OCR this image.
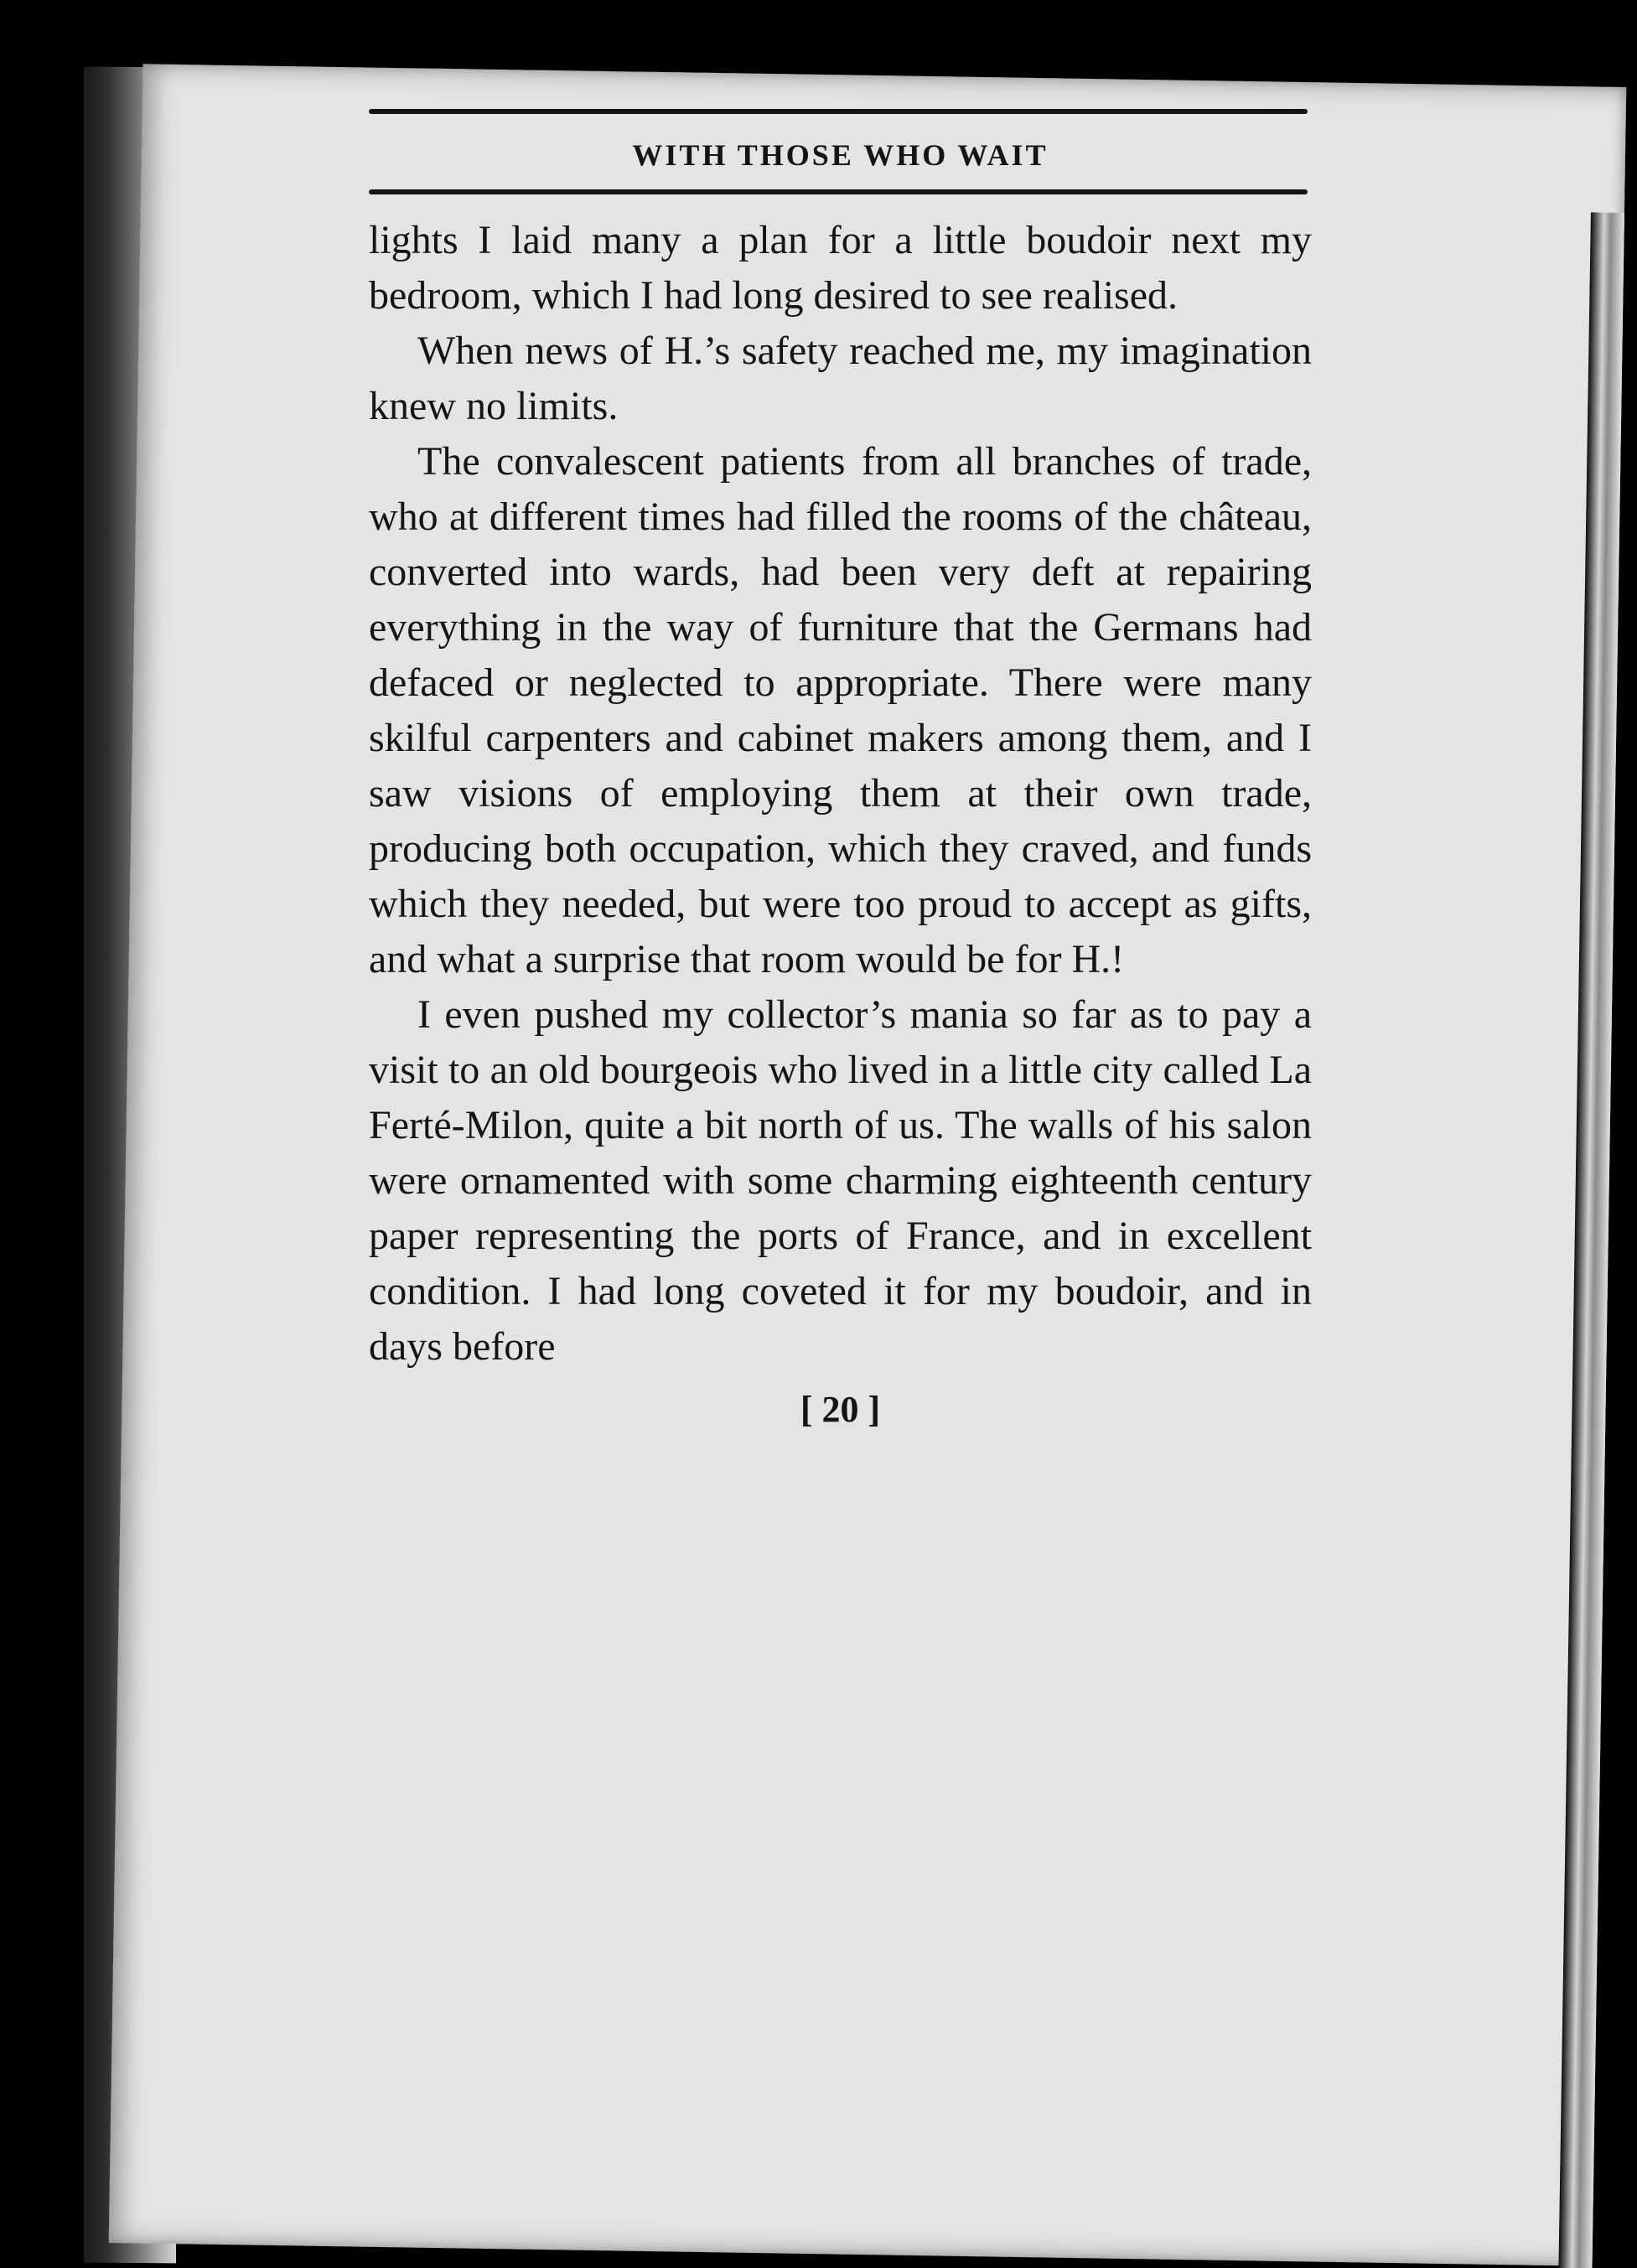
WITH THOSE WHO WAIT

lights I laid many a plan for a little boudoir next my bedroom, which I had long desired to see realised.

When news of H.’s safety reached me, my imagination knew no limits.

The convalescent patients from all branches of trade, who at different times had filled the rooms of the château, converted into wards, had been very deft at repairing everything in the way of furniture that the Germans had defaced or neglected to appropriate. There were many skilful carpenters and cabinet makers among them, and I saw visions of employing them at their own trade, producing both occupation, which they craved, and funds which they needed, but were too proud to accept as gifts, and what a surprise that room would be for H.!

I even pushed my collector’s mania so far as to pay a visit to an old bourgeois who lived in a little city called La Ferté-Milon, quite a bit north of us. The walls of his salon were ornamented with some charming eighteenth century paper representing the ports of France, and in excellent condition. I had long coveted it for my boudoir, and in days before

[ 20 ]
